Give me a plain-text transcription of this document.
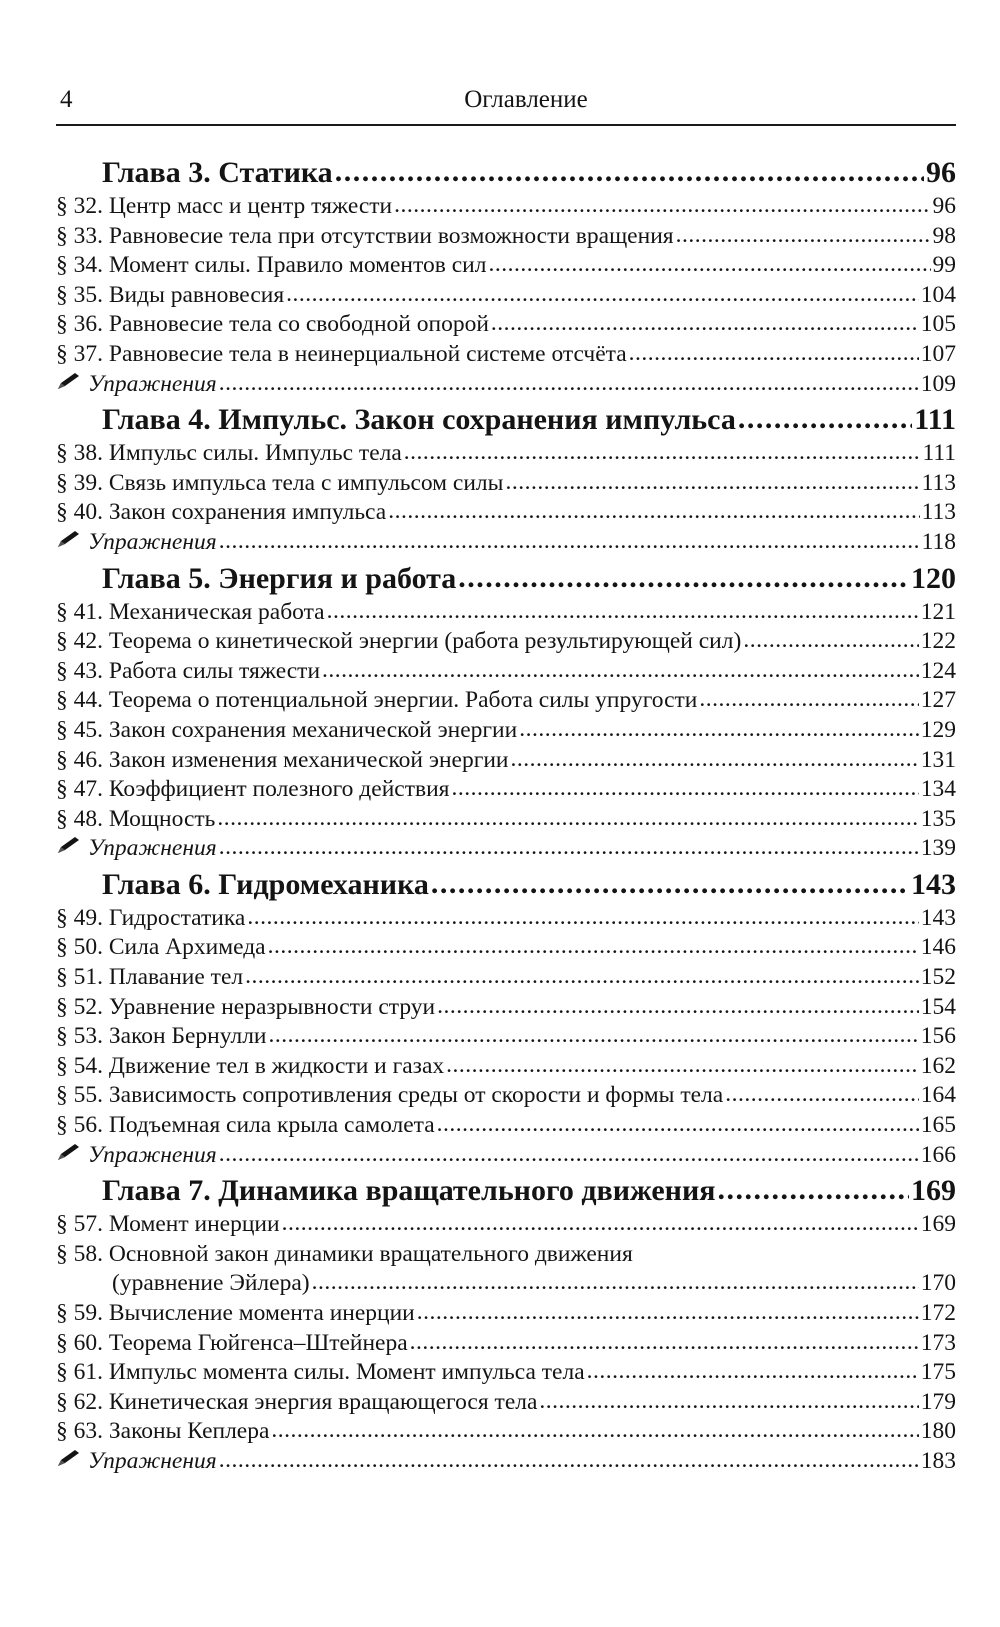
4	Оглавление
Глава 3. Статика .....	96
§ 32. Центр масс и центр тяжести .....	96
§ 33. Равновесие тела при отсутствии возможности вращения .....	98
§ 34. Момент силы. Правило моментов сил .....	99
§ 35. Виды равновесия .....	104
§ 36. Равновесие тела со свободной опорой .....	105
§ 37. Равновесие тела в неинерциальной системе отсчёта .....	107
Упражнения .....	109
Глава 4. Импульс. Закон сохранения импульса .....	111
§ 38. Импульс силы. Импульс тела .....	111
§ 39. Связь импульса тела с импульсом силы .....	113
§ 40. Закон сохранения импульса .....	113
Упражнения .....	118
Глава 5. Энергия и работа .....	120
§ 41. Механическая работа .....	121
§ 42. Теорема о кинетической энергии (работа результирующей сил) .....	122
§ 43. Работа силы тяжести .....	124
§ 44. Теорема о потенциальной энергии. Работа силы упругости .....	127
§ 45. Закон сохранения механической энергии .....	129
§ 46. Закон изменения механической энергии .....	131
§ 47. Коэффициент полезного действия .....	134
§ 48. Мощность .....	135
Упражнения .....	139
Глава 6. Гидромеханика .....	143
§ 49. Гидростатика .....	143
§ 50. Сила Архимеда .....	146
§ 51. Плавание тел .....	152
§ 52. Уравнение неразрывности струи .....	154
§ 53. Закон Бернулли .....	156
§ 54. Движение тел в жидкости и газах .....	162
§ 55. Зависимость сопротивления среды от скорости и формы тела .....	164
§ 56. Подъемная сила крыла самолета .....	165
Упражнения .....	166
Глава 7. Динамика вращательного движения .....	169
§ 57. Момент инерции .....	169
§ 58. Основной закон динамики вращательного движения
(уравнение Эйлера) .....	170
§ 59. Вычисление момента инерции .....	172
§ 60. Теорема Гюйгенса–Штейнера .....	173
§ 61. Импульс момента силы. Момент импульса тела .....	175
§ 62. Кинетическая энергия вращающегося тела .....	179
§ 63. Законы Кеплера .....	180
Упражнения .....	183
